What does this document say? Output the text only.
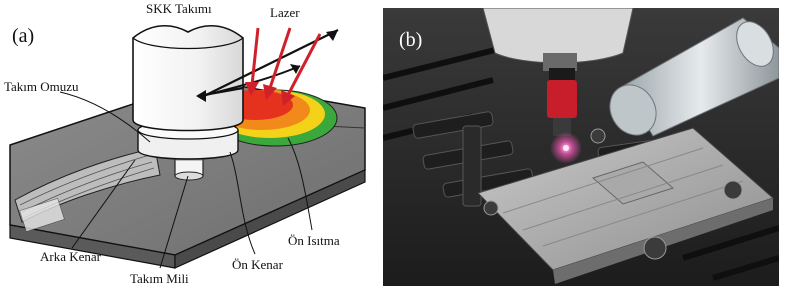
(a)
SKK Takımı	Lazer
Takım Omuzu
Arka Kenar
Takım Mili
Ön Kenar
Ön Isıtma
(b)
